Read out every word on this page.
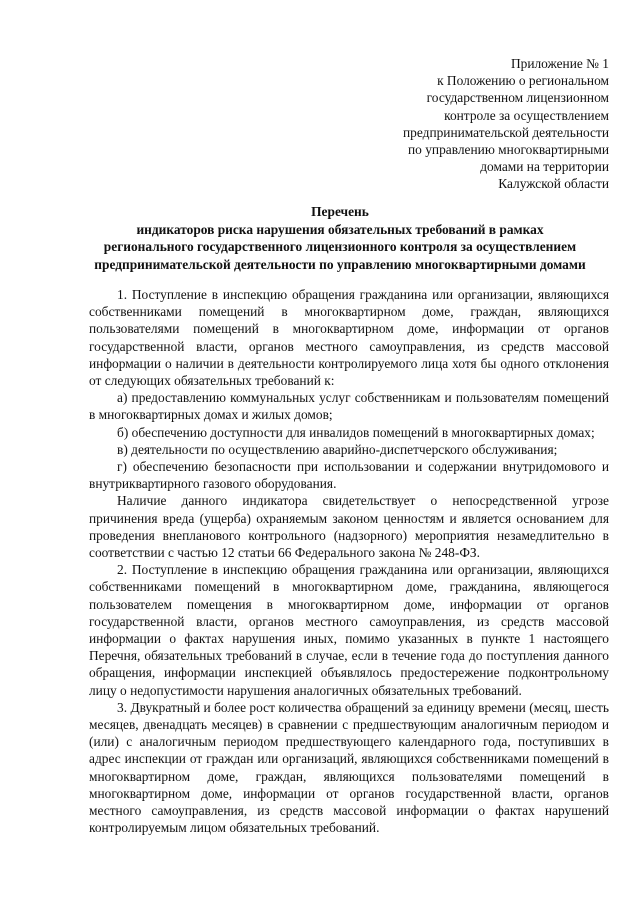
Приложение № 1
к Положению о региональном
государственном лицензионном
контроле за осуществлением
предпринимательской деятельности
по управлению многоквартирными
домами на территории
Калужской области
Перечень
индикаторов риска нарушения обязательных требований в рамках
регионального государственного лицензионного контроля за осуществлением
предпринимательской деятельности по управлению многоквартирными домами

1. Поступление в инспекцию обращения гражданина или организации, являющихся собственниками помещений в многоквартирном доме, граждан, являющихся пользователями помещений в многоквартирном доме, информации от органов государственной власти, органов местного самоуправления, из средств массовой информации о наличии в деятельности контролируемого лица хотя бы одного отклонения от следующих обязательных требований к:

а) предоставлению коммунальных услуг собственникам и пользователям помещений в многоквартирных домах и жилых домов;

б) обеспечению доступности для инвалидов помещений в многоквартирных домах;

в) деятельности по осуществлению аварийно-диспетчерского обслуживания;

г) обеспечению безопасности при использовании и содержании внутридомового и внутриквартирного газового оборудования.

Наличие данного индикатора свидетельствует о непосредственной угрозе причинения вреда (ущерба) охраняемым законом ценностям и является основанием для проведения внепланового контрольного (надзорного) мероприятия незамедлительно в соответствии с частью 12 статьи 66 Федерального закона № 248-ФЗ.

2. Поступление в инспекцию обращения гражданина или организации, являющихся собственниками помещений в многоквартирном доме, гражданина, являющегося пользователем помещения в многоквартирном доме, информации от органов государственной власти, органов местного самоуправления, из средств массовой информации о фактах нарушения иных, помимо указанных в пункте 1 настоящего Перечня, обязательных требований в случае, если в течение года до поступления данного обращения, информации инспекцией объявлялось предостережение подконтрольному лицу о недопустимости нарушения аналогичных обязательных требований.

3. Двукратный и более рост количества обращений за единицу времени (месяц, шесть месяцев, двенадцать месяцев) в сравнении с предшествующим аналогичным периодом и (или) с аналогичным периодом предшествующего календарного года, поступивших в адрес инспекции от граждан или организаций, являющихся собственниками помещений в многоквартирном доме, граждан, являющихся пользователями помещений в многоквартирном доме, информации от органов государственной власти, органов местного самоуправления, из средств массовой информации о фактах нарушений контролируемым лицом обязательных требований.
